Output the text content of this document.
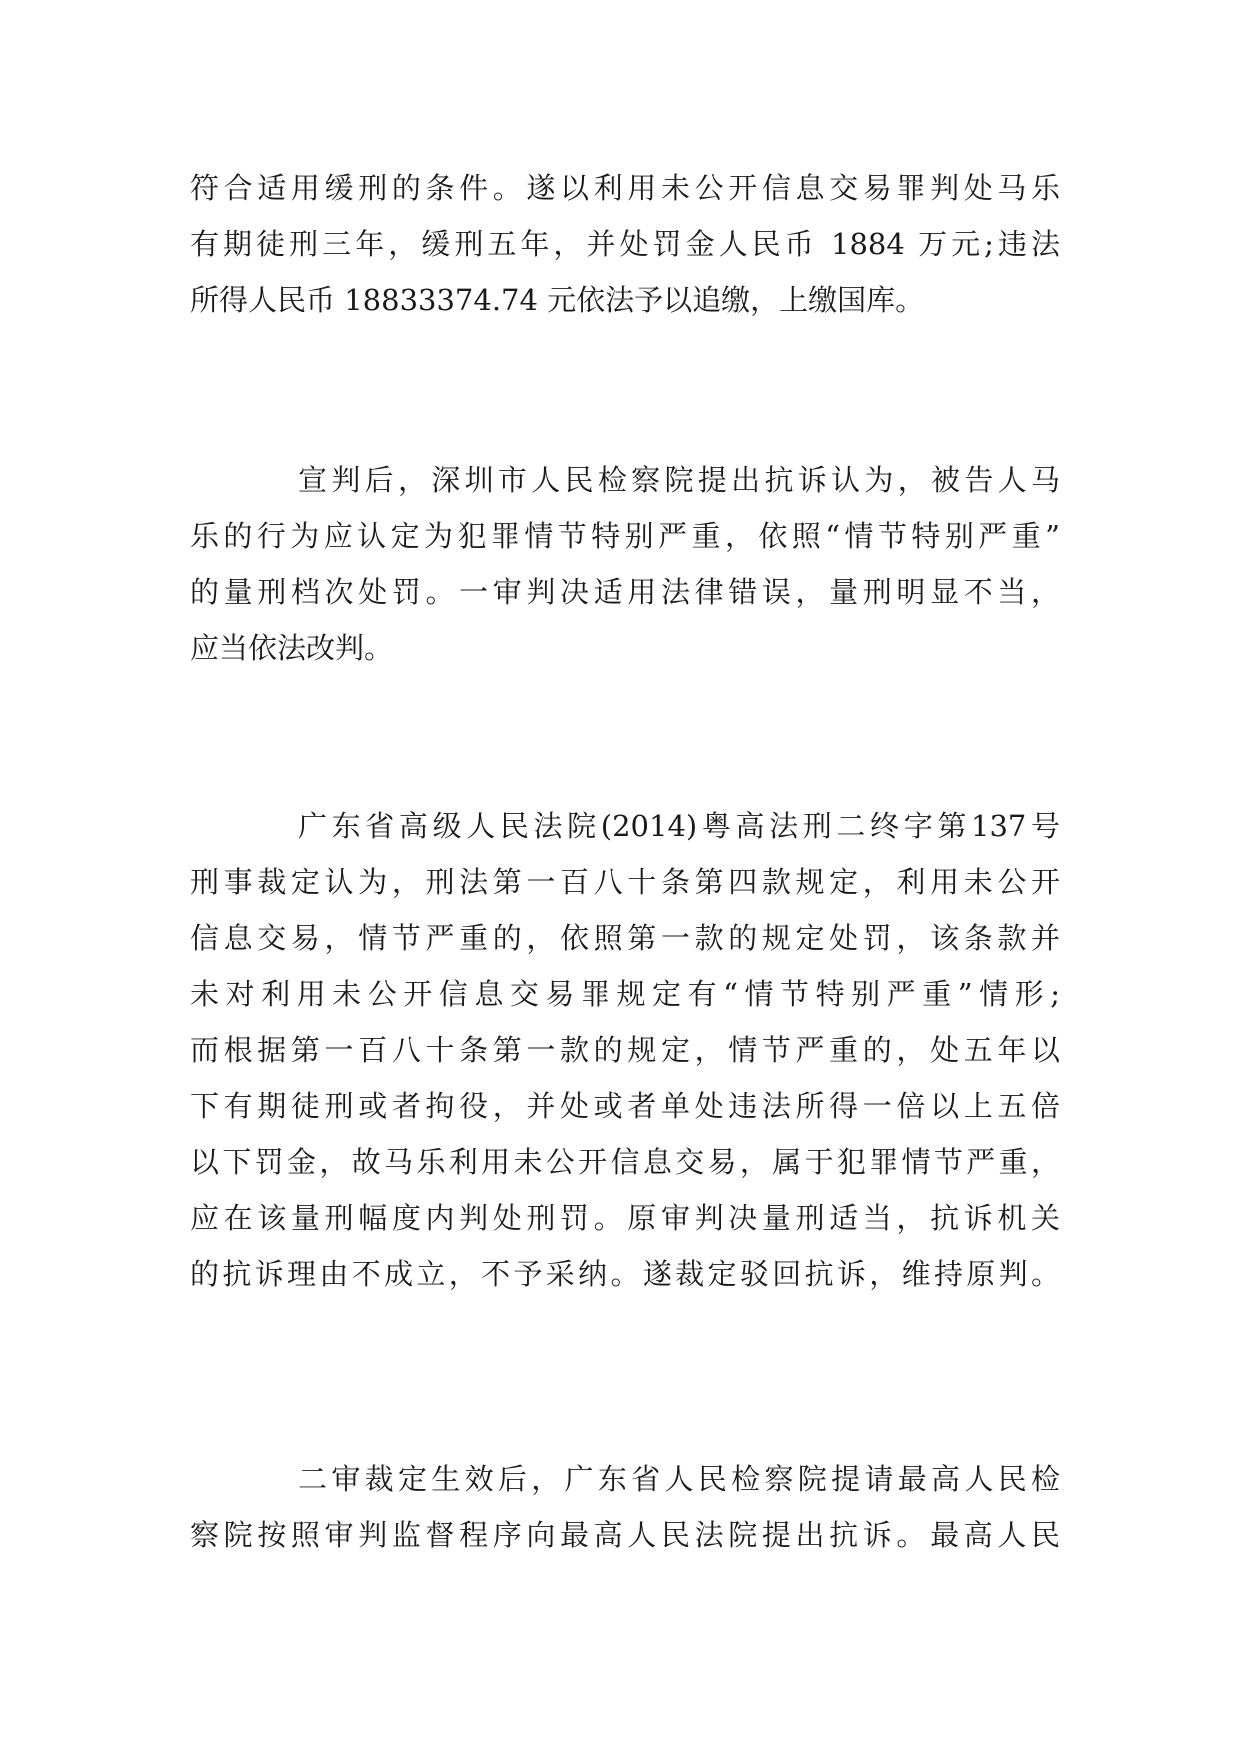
符合适用缓刑的条件。遂以利用未公开信息交易罪判处马乐
有期徒刑三年，缓刑五年，并处罚金人民币 1884 万元;违法
所得人民币 18833374.74 元依法予以追缴，上缴国库。
宣判后，深圳市人民检察院提出抗诉认为，被告人马
乐的行为应认定为犯罪情节特别严重，依照“情节特别严重”
的量刑档次处罚。一审判决适用法律错误，量刑明显不当，
应当依法改判。
广东省高级人民法院(2014)粤高法刑二终字第137号
刑事裁定认为，刑法第一百八十条第四款规定，利用未公开
信息交易，情节严重的，依照第一款的规定处罚，该条款并
未对利用未公开信息交易罪规定有“情节特别严重”情形;
而根据第一百八十条第一款的规定，情节严重的，处五年以
下有期徒刑或者拘役，并处或者单处违法所得一倍以上五倍
以下罚金，故马乐利用未公开信息交易，属于犯罪情节严重，
应在该量刑幅度内判处刑罚。原审判决量刑适当，抗诉机关
的抗诉理由不成立，不予采纳。遂裁定驳回抗诉，维持原判。
二审裁定生效后，广东省人民检察院提请最高人民检
察院按照审判监督程序向最高人民法院提出抗诉。最高人民
